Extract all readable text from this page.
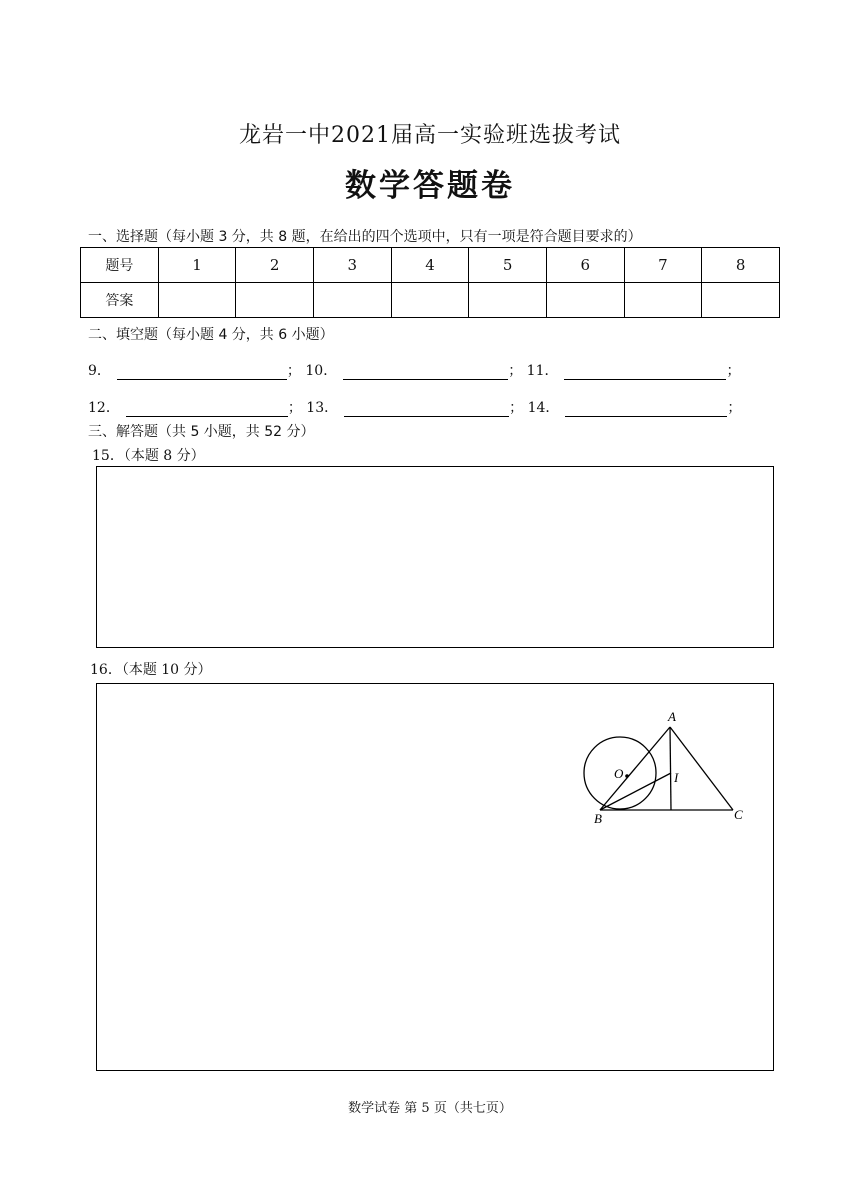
龙岩一中2021届高一实验班选拔考试
数学答题卷
一、选择题（每小题 3 分，共 8 题，在给出的四个选项中，只有一项是符合题目要求的）
题号	1	2	3	4	5	6	7	8
答案								
二、填空题（每小题 4 分，共 6 小题）
9．	； 10．	； 11．	；
12．	； 13．	； 14．	；
三、解答题（共 5 小题，共 52 分）
15．（本题 8 分）
16．（本题 10 分）
A
B	C
O	I
数学试卷 第 5 页（共七页）
